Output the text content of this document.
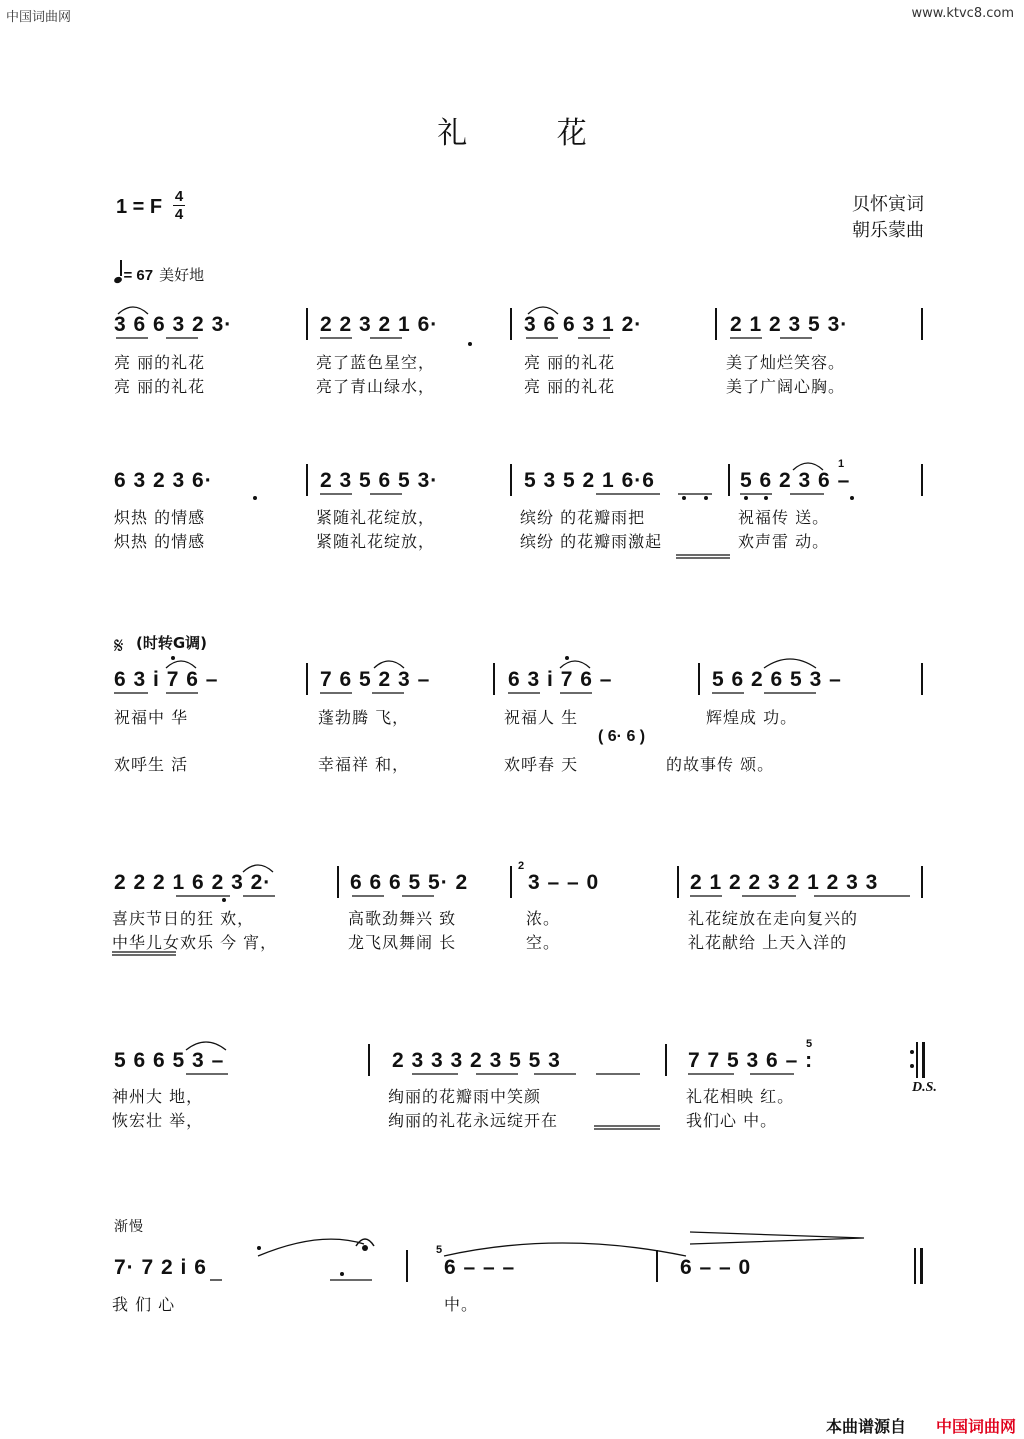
中国词曲网	www.ktvc8.com
礼 花
1 = F 4
4	贝怀寅词
朝乐蒙曲
= 67 美好地
3 6 6 3 2 3·	2 2 3 2 1 6·	3 6 6 3 1 2·	2 1 2 3 5 3·
亮 丽的礼花	亮了蓝色星空，	亮 丽的礼花	美了灿烂笑容。
亮 丽的礼花	亮了青山绿水，	亮 丽的礼花	美了广阔心胸。
6 3 2 3 6·	2 3 5 6 5 3·	5 3 5 2 1 6·6	5 6 2 3 6 –
1
炽热 的情感	紧随礼花绽放，	缤纷 的花瓣雨把	祝福传 送。
炽热 的情感	紧随礼花绽放，	缤纷 的花瓣雨激起	欢声雷 动。
𝄋 (时转G调)
6 3 i 7 6 –	7 6 5 2 3 –	6 3 i 7 6 –	5 6 2 6 5 3 –
祝福中 华	蓬勃腾 飞，	祝福人 生	辉煌成 功。
( 6· 6 )
欢呼生 活	幸福祥 和，	欢呼春 天	的故事传 颂。
2 2 2 1 6 2 3 2·	6 6 6 5 5· 2	3 – – 0
2
2 1 2 2 3 2 1 2 3 3
喜庆节日的狂 欢，	高歌劲舞兴 致	浓。	礼花绽放在走向复兴的
中华儿女欢乐 今 宵，	龙飞凤舞闹 长	空。	礼花献给 上天入洋的
5 6 6 5 3 –	2 3 3 3 2 3 5 5 3	7 7 5 3 6 – :
5
D.S.
神州大 地，	绚丽的花瓣雨中笑颜	礼花相映 红。
恢宏壮 举，	绚丽的礼花永远绽开在	我们心 中。
渐慢
7· 7 2 i 6	6 – – –
5
6 – – 0
我 们 心	中。
本曲谱源自 中国词曲网
